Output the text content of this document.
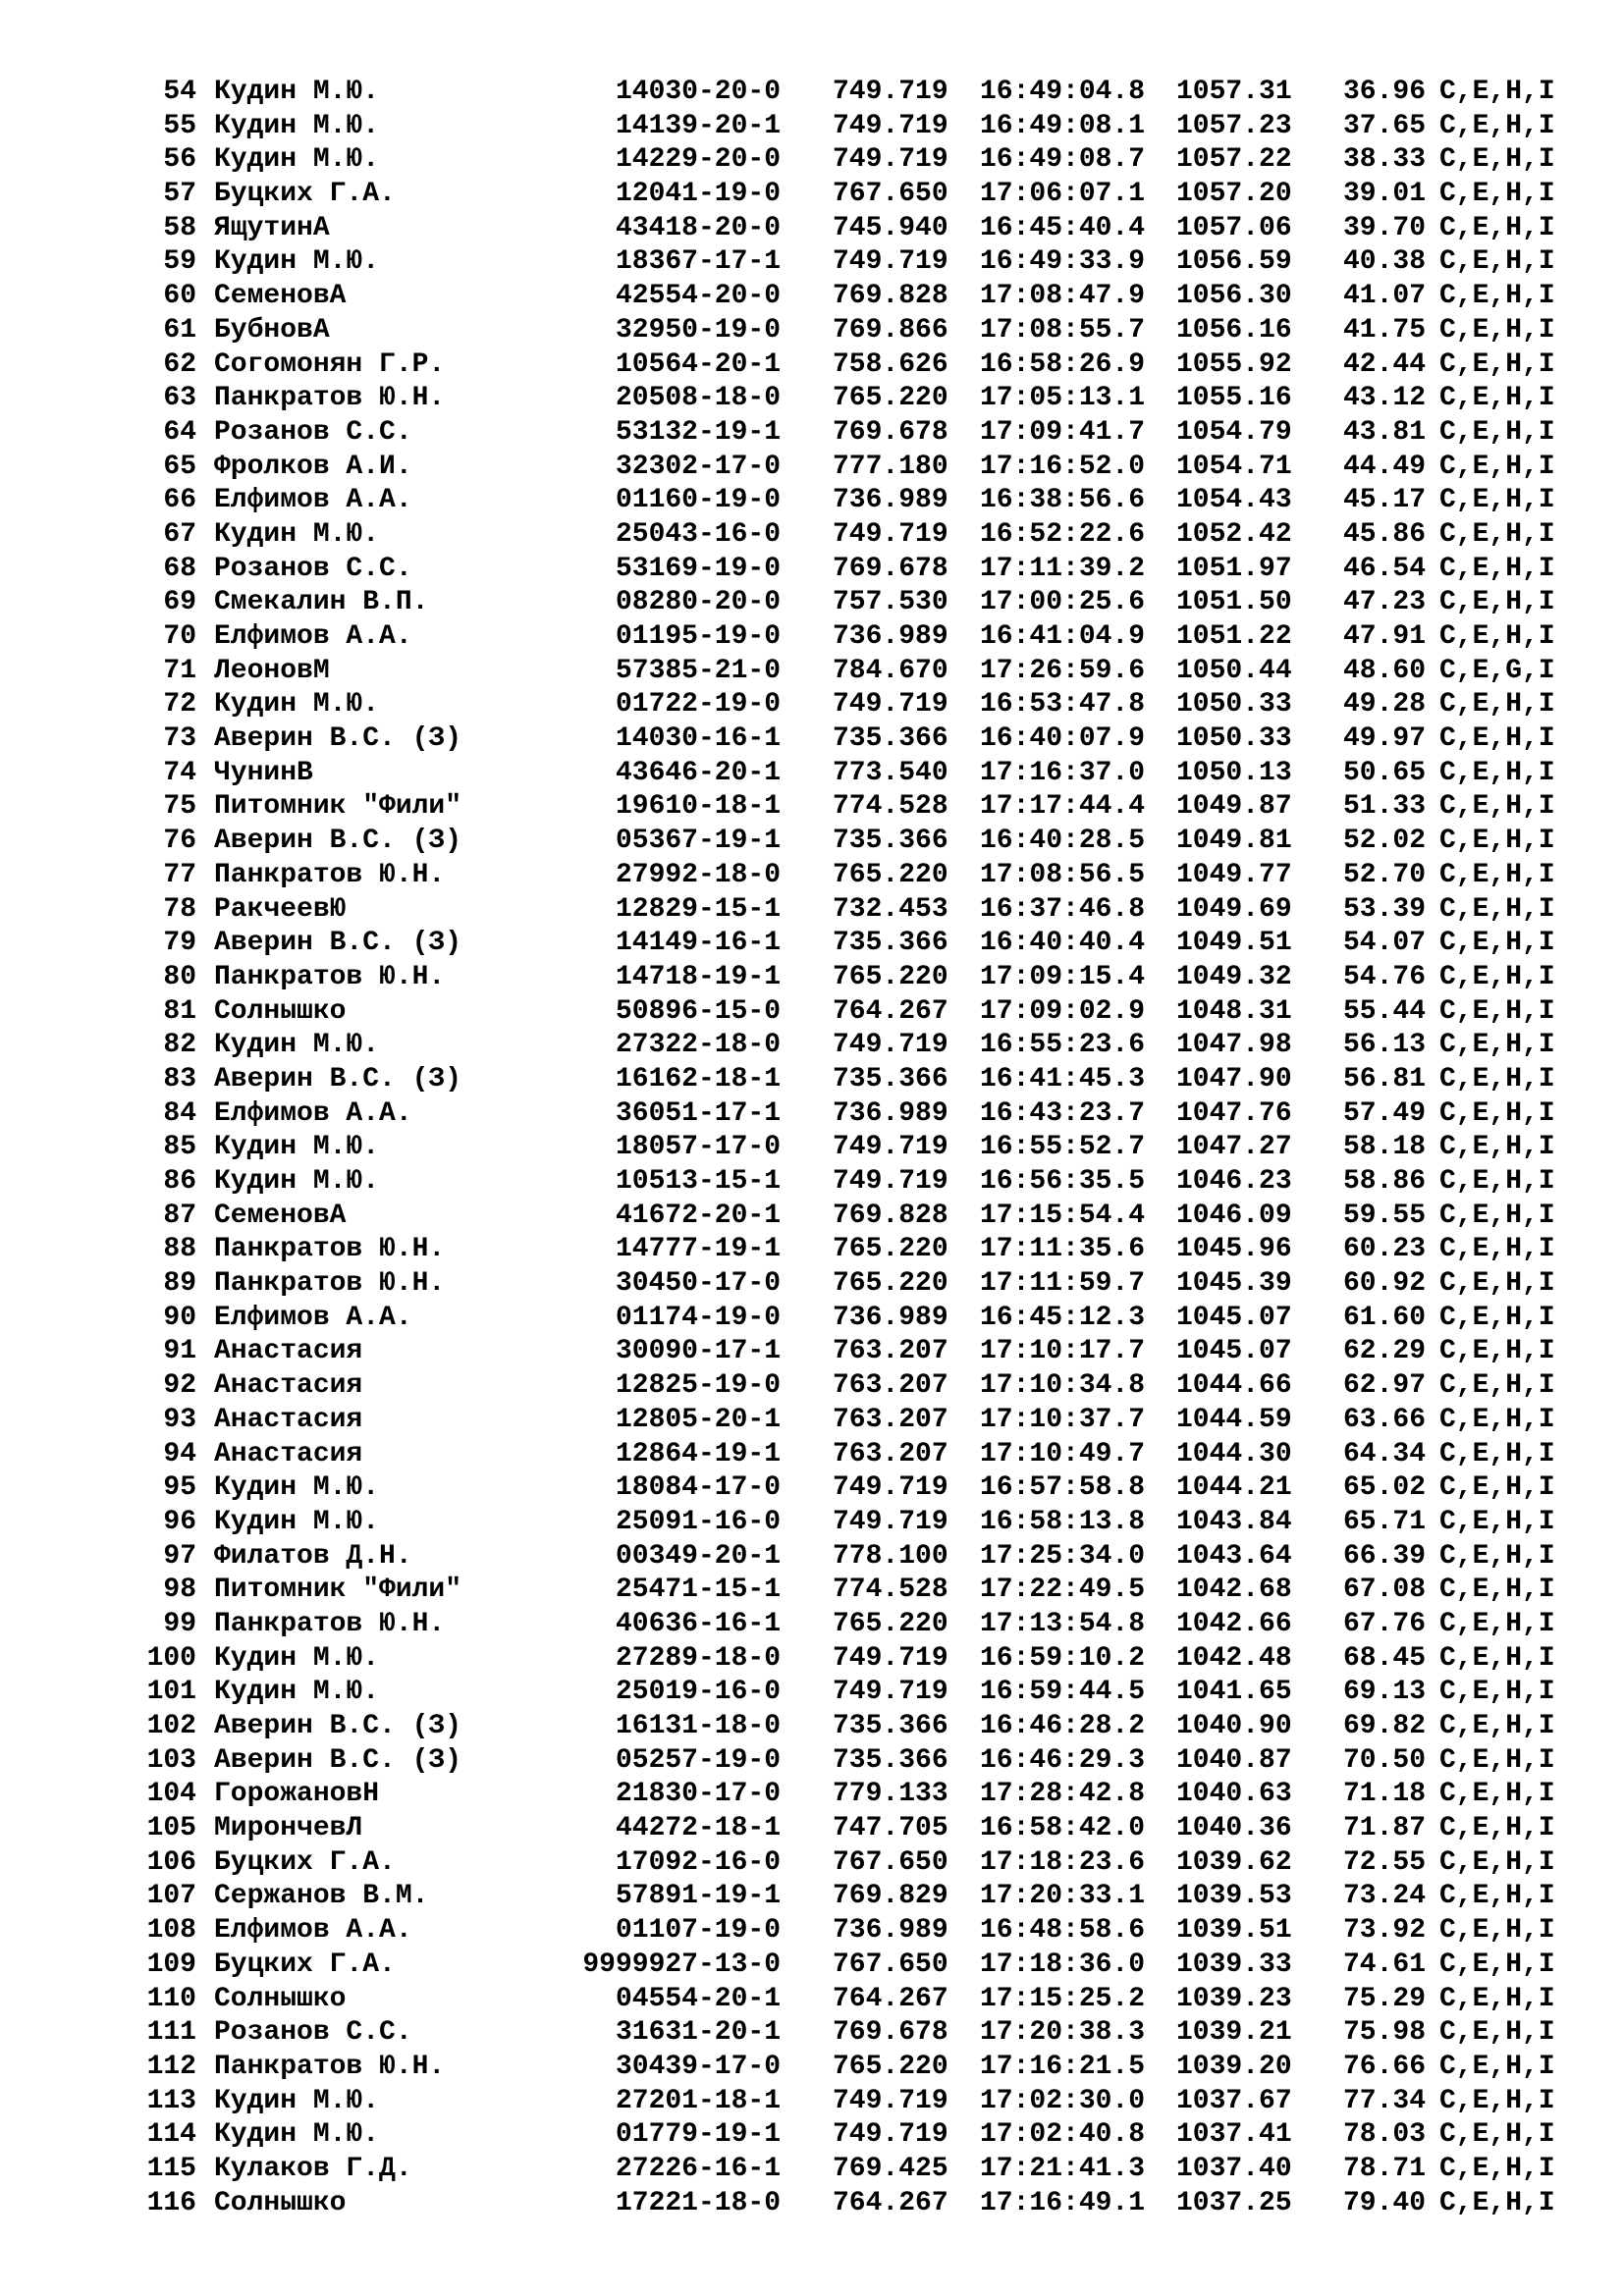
54 Кудин М.Ю.	14030-20-0 749.719 16:49:04.8 1057.31	36.96 C,E,H,I
55 Кудин М.Ю.	14139-20-1 749.719 16:49:08.1 1057.23	37.65 C,E,H,I
56 Кудин М.Ю.	14229-20-0 749.719 16:49:08.7 1057.22	38.33 C,E,H,I
57 Буцких Г.А.	12041-19-0 767.650 17:06:07.1 1057.20	39.01 C,E,H,I
58 ЯщутинА	43418-20-0 745.940 16:45:40.4 1057.06	39.70 C,E,H,I
59 Кудин М.Ю.	18367-17-1 749.719 16:49:33.9 1056.59	40.38 C,E,H,I
60 СеменовА	42554-20-0 769.828 17:08:47.9 1056.30	41.07 C,E,H,I
61 БубновА	32950-19-0 769.866 17:08:55.7 1056.16	41.75 C,E,H,I
62 Согомонян Г.Р.	10564-20-1 758.626 16:58:26.9 1055.92	42.44 C,E,H,I
63 Панкратов Ю.Н.	20508-18-0 765.220 17:05:13.1 1055.16	43.12 C,E,H,I
64 Розанов С.С.	53132-19-1 769.678 17:09:41.7 1054.79	43.81 C,E,H,I
65 Фролков А.И.	32302-17-0 777.180 17:16:52.0 1054.71	44.49 C,E,H,I
66 Елфимов А.А.	01160-19-0 736.989 16:38:56.6 1054.43	45.17 C,E,H,I
67 Кудин М.Ю.	25043-16-0 749.719 16:52:22.6 1052.42	45.86 C,E,H,I
68 Розанов С.С.	53169-19-0 769.678 17:11:39.2 1051.97	46.54 C,E,H,I
69 Смекалин В.П.	08280-20-0 757.530 17:00:25.6 1051.50	47.23 C,E,H,I
70 Елфимов А.А.	01195-19-0 736.989 16:41:04.9 1051.22	47.91 C,E,H,I
71 ЛеоновМ	57385-21-0 784.670 17:26:59.6 1050.44	48.60 C,E,G,I
72 Кудин М.Ю.	01722-19-0 749.719 16:53:47.8 1050.33	49.28 C,E,H,I
73 Аверин В.С. (З)	14030-16-1 735.366 16:40:07.9 1050.33	49.97 C,E,H,I
74 ЧунинВ	43646-20-1 773.540 17:16:37.0 1050.13	50.65 C,E,H,I
75 Питомник "Фили"	19610-18-1 774.528 17:17:44.4 1049.87	51.33 C,E,H,I
76 Аверин В.С. (З)	05367-19-1 735.366 16:40:28.5 1049.81	52.02 C,E,H,I
77 Панкратов Ю.Н.	27992-18-0 765.220 17:08:56.5 1049.77	52.70 C,E,H,I
78 РакчеевЮ	12829-15-1 732.453 16:37:46.8 1049.69	53.39 C,E,H,I
79 Аверин В.С. (З)	14149-16-1 735.366 16:40:40.4 1049.51	54.07 C,E,H,I
80 Панкратов Ю.Н.	14718-19-1 765.220 17:09:15.4 1049.32	54.76 C,E,H,I
81 Солнышко	50896-15-0 764.267 17:09:02.9 1048.31	55.44 C,E,H,I
82 Кудин М.Ю.	27322-18-0 749.719 16:55:23.6 1047.98	56.13 C,E,H,I
83 Аверин В.С. (З)	16162-18-1 735.366 16:41:45.3 1047.90	56.81 C,E,H,I
84 Елфимов А.А.	36051-17-1 736.989 16:43:23.7 1047.76	57.49 C,E,H,I
85 Кудин М.Ю.	18057-17-0 749.719 16:55:52.7 1047.27	58.18 C,E,H,I
86 Кудин М.Ю.	10513-15-1 749.719 16:56:35.5 1046.23	58.86 C,E,H,I
87 СеменовА	41672-20-1 769.828 17:15:54.4 1046.09	59.55 C,E,H,I
88 Панкратов Ю.Н.	14777-19-1 765.220 17:11:35.6 1045.96	60.23 C,E,H,I
89 Панкратов Ю.Н.	30450-17-0 765.220 17:11:59.7 1045.39	60.92 C,E,H,I
90 Елфимов А.А.	01174-19-0 736.989 16:45:12.3 1045.07	61.60 C,E,H,I
91 Анастасия	30090-17-1 763.207 17:10:17.7 1045.07	62.29 C,E,H,I
92 Анастасия	12825-19-0 763.207 17:10:34.8 1044.66	62.97 C,E,H,I
93 Анастасия	12805-20-1 763.207 17:10:37.7 1044.59	63.66 C,E,H,I
94 Анастасия	12864-19-1 763.207 17:10:49.7 1044.30	64.34 C,E,H,I
95 Кудин М.Ю.	18084-17-0 749.719 16:57:58.8 1044.21	65.02 C,E,H,I
96 Кудин М.Ю.	25091-16-0 749.719 16:58:13.8 1043.84	65.71 C,E,H,I
97 Филатов Д.Н.	00349-20-1 778.100 17:25:34.0 1043.64	66.39 C,E,H,I
98 Питомник "Фили"	25471-15-1 774.528 17:22:49.5 1042.68	67.08 C,E,H,I
99 Панкратов Ю.Н.	40636-16-1 765.220 17:13:54.8 1042.66	67.76 C,E,H,I
100 Кудин М.Ю.	27289-18-0 749.719 16:59:10.2 1042.48	68.45 C,E,H,I
101 Кудин М.Ю.	25019-16-0 749.719 16:59:44.5 1041.65	69.13 C,E,H,I
102 Аверин В.С. (З)	16131-18-0 735.366 16:46:28.2 1040.90	69.82 C,E,H,I
103 Аверин В.С. (З)	05257-19-0 735.366 16:46:29.3 1040.87	70.50 C,E,H,I
104 ГорожановН	21830-17-0 779.133 17:28:42.8 1040.63	71.18 C,E,H,I
105 МирончевЛ	44272-18-1 747.705 16:58:42.0 1040.36	71.87 C,E,H,I
106 Буцких Г.А.	17092-16-0 767.650 17:18:23.6 1039.62	72.55 C,E,H,I
107 Сержанов В.М.	57891-19-1 769.829 17:20:33.1 1039.53	73.24 C,E,H,I
108 Елфимов А.А.	01107-19-0 736.989 16:48:58.6 1039.51	73.92 C,E,H,I
109 Буцких Г.А.	9999927-13-0 767.650 17:18:36.0 1039.33	74.61 C,E,H,I
110 Солнышко	04554-20-1 764.267 17:15:25.2 1039.23	75.29 C,E,H,I
111 Розанов С.С.	31631-20-1 769.678 17:20:38.3 1039.21	75.98 C,E,H,I
112 Панкратов Ю.Н.	30439-17-0 765.220 17:16:21.5 1039.20	76.66 C,E,H,I
113 Кудин М.Ю.	27201-18-1 749.719 17:02:30.0 1037.67	77.34 C,E,H,I
114 Кудин М.Ю.	01779-19-1 749.719 17:02:40.8 1037.41	78.03 C,E,H,I
115 Кулаков Г.Д.	27226-16-1 769.425 17:21:41.3 1037.40	78.71 C,E,H,I
116 Солнышко	17221-18-0 764.267 17:16:49.1 1037.25	79.40 C,E,H,I
